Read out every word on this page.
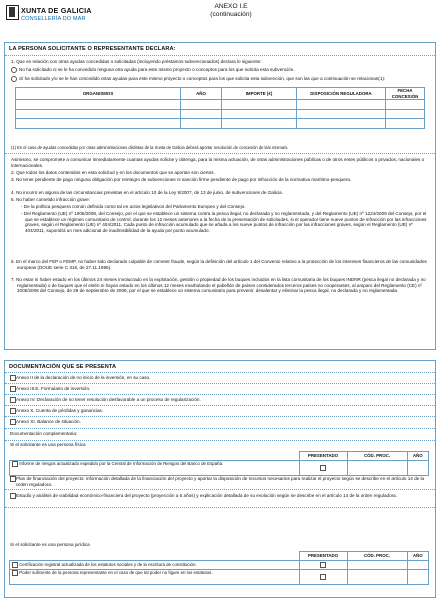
XUNTA DE GALICIA
CONSELLERÍA DO MAR
ANEXO I.E
(continuación)
LA PERSONA SOLICITANTE O REPRESENTANTE DECLARA:
1. Que en relación con otras ayudas concedidas o solicitadas (incluyendo préstamos subvencionados) declara lo siguiente:
No ha solicitado ni se le ha concedido ninguna otra ayuda para este mismo proyecto o conceptos para los que solicita esta subvención.
Sí ha solicitado y/o se le han concedido otras ayudas para este mismo proyecto o conceptos para los que solicita esta subvención, que son las que a continuación se relacionan(1):
ORGANISMOS	AÑO	IMPORTE (€)	DISPOSICIÓN REGULADORA	FECHA CONCESIÓN

(1) En el caso de ayudas concedidas por otras administraciones distintas de la Xunta de Galicia deberá aportar resolución de concesión de la/s misma/s.
Asimismo, se compromete a comunicar inmediatamente cuantas ayudas solicite y obtenga, para la misma actuación, de otras administraciones públicas o de otros entes públicos o privados, nacionales o internacionales.
2. Que todos los datos contenidos en esta solicitud y en los documentos que se aportan son ciertos.
3. No tener pendiente de pago ninguna obligación por reintegro de subvenciones ni sanción firme pendiente de pago por infracción de la normativa marítimo-pesquera.
4. No incurrir en alguna de las circunstancias previstas en el artículo 10 de la Ley 9/2007, de 13 de junio, de subvenciones de Galicia.
5. No haber cometido infracción grave:
- De la política pesquera común definida como tal en actos legislativos del Parlamento Europeo y del Consejo.
- Del Reglamento (UE) nº 1005/2008, del Consejo, por el que se establece un sistema contra la pesca ilegal, no declarada y no reglamentada, y del Reglamento (UE) nº 1224/2009 del Consejo, por el que se establece un régimen comunitario de control, durante los 12 meses anteriores a la fecha de la presentación de solicitudes, si el operador tiene nueve puntos de infracción por las infracciones graves, según el Reglamento (UE) nº 404/2011. Cada punto de infracción acumulado que se añada a los nueve puntos de infracción por las infracciones graves, según el Reglamento (UE) nº 404/2011, supondrá un mes adicional de inadmisibilidad de la ayuda por punto acumulado.
6. En el marco del FEP o FEMP, no haber sido declarado culpable de cometer fraude, según la definición del artículo 1 del Convenio relativo a la protección de los intereses financieros de las comunidades europeas (DOUE serie C 316, de 27.11.1995).
7. No estar ni haber estado en los últimos 24 meses involucrado en la explotación, gestión o propiedad de los buques incluidos en la lista comunitaria de los buques INDNR (pesca ilegal no declarada y no reglamentada) o de buques que el estén ni hayan estado en los últimos 12 meses enarbolando el pabellón de países considerados terceros países no cooperantes, al amparo del Reglamento (CE) nº 1005/2008 del Consejo, de 29 de septiembre de 2008, por el que se establece un sistema comunitario para prevenir, desalentar y eliminar la pesca ilegal, no declarada y no reglamentada.
DOCUMENTACIÓN QUE SE PRESENTA
Anexo II de la declaración de no inicio de la inversión, en su caso.
Anexo III.E. Formulario de inversión.
Anexo IV. Declaración de no tener resolución desfavorable a un proceso de regularización.
Anexo X. Cuenta de pérdidas y ganancias.
Anexo XI. Balance de situación.
Documentación complementaria:
Si el solicitante es una persona física
	PRESENTADO	CÓD. PROC.	AÑO
Informe de riesgos actualizado expedido por la Central de Información de Riesgos del Banco de España.			
Plan de financiación del proyecto: información detallada de la financiación del proyecto y aportar la disposición de recursos necesarios para realizar el proyecto según se describe en el artículo 14 de la orden reguladora.
Estudio y análisis de viabilidad económico-financiera del proyecto (proyección a 5 años) y explicación detallada de su evolución según se describe en el artículo 14 de la orden reguladora.
Si el solicitante es una persona jurídica
	PRESENTADO	CÓD. PROC.	AÑO
Certificación registral actualizada de los estatutos sociales y de la escritura de constitución.			
Poder suficiente de la persona representante en el caso de que tal poder no figure en los estatutos.			
